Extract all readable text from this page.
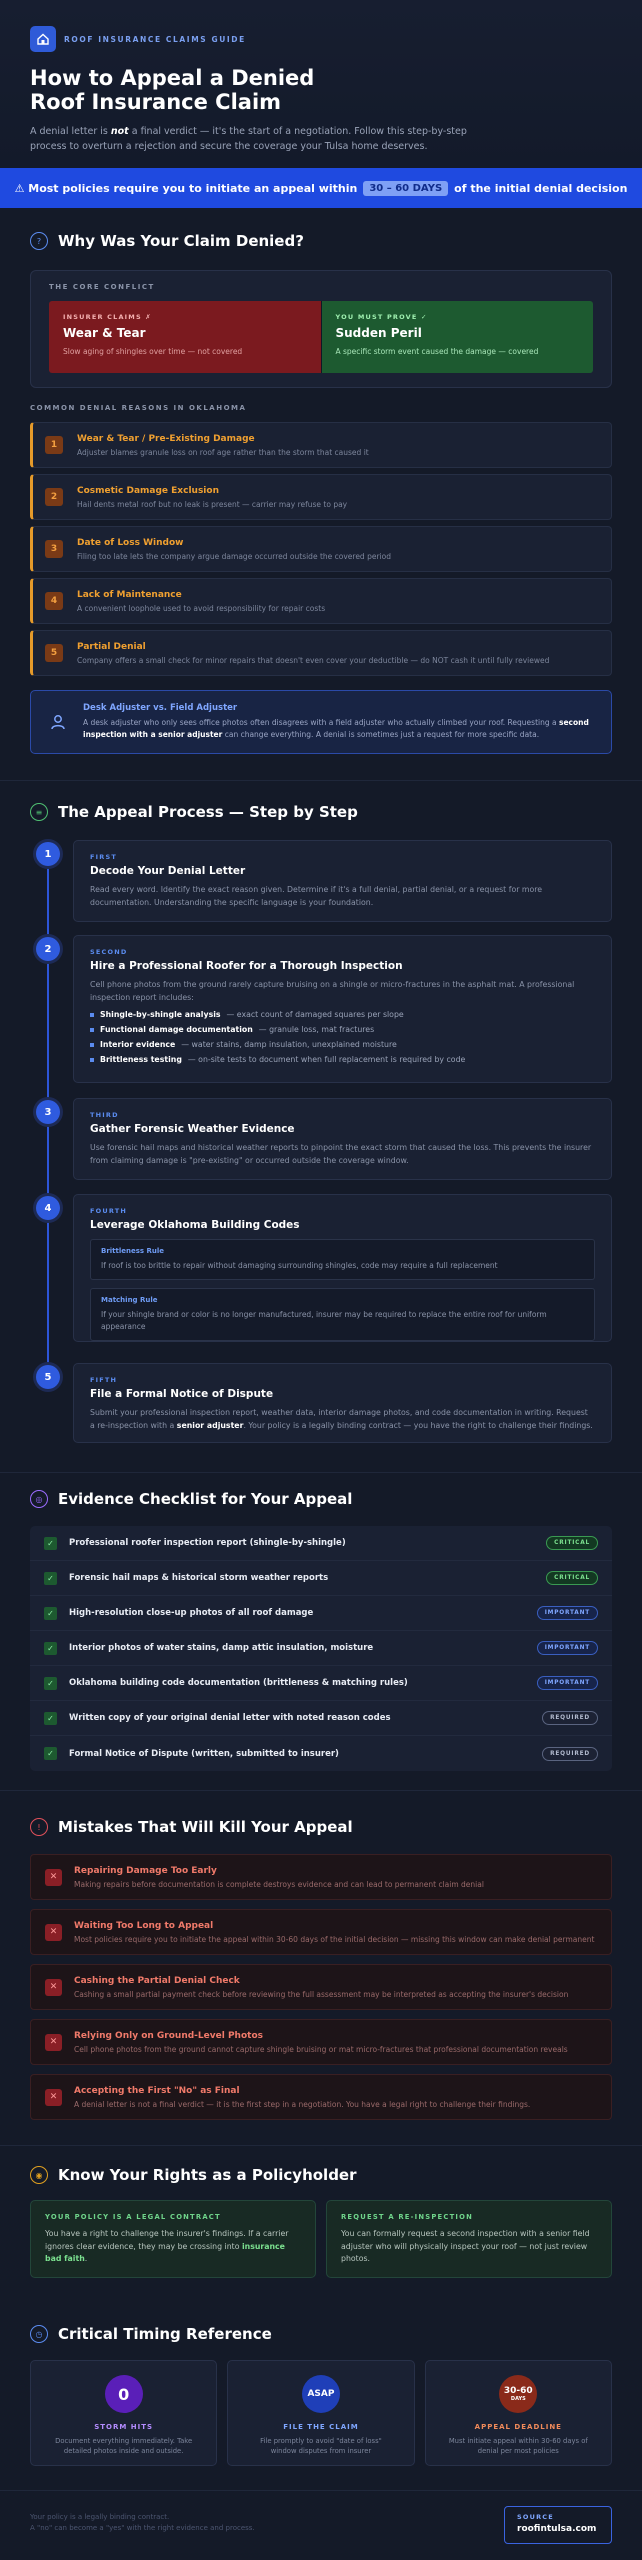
ROOF INSURANCE CLAIMS GUIDE
How to Appeal a Denied Roof Insurance Claim

A denial letter is not a final verdict — it's the start of a negotiation. Follow this step-by-step process to overturn a rejection and secure the coverage your Tulsa home deserves.

⚠ Most policies require you to initiate an appeal within	30 – 60 DAYS	of the initial denial decision
?	Why Was Your Claim Denied?
THE CORE CONFLICT
INSURER CLAIMS ✗
Wear & Tear
Slow aging of shingles over time — not covered
YOU MUST PROVE ✓
Sudden Peril
A specific storm event caused the damage — covered
COMMON DENIAL REASONS IN OKLAHOMA
1
Wear & Tear / Pre-Existing Damage
Adjuster blames granule loss on roof age rather than the storm that caused it
2
Cosmetic Damage Exclusion
Hail dents metal roof but no leak is present — carrier may refuse to pay
3
Date of Loss Window
Filing too late lets the company argue damage occurred outside the covered period
4
Lack of Maintenance
A convenient loophole used to avoid responsibility for repair costs
5
Partial Denial
Company offers a small check for minor repairs that doesn't even cover your deductible — do NOT cash it until fully reviewed
Desk Adjuster vs. Field Adjuster
A desk adjuster who only sees office photos often disagrees with a field adjuster who actually climbed your roof. Requesting a second inspection with a senior adjuster can change everything. A denial is sometimes just a request for more specific data.
≡	The Appeal Process — Step by Step
FIRST
Decode Your Denial Letter
Read every word. Identify the exact reason given. Determine if it's a full denial, partial denial, or a request for more documentation. Understanding the specific language is your foundation.
1
SECOND
Hire a Professional Roofer for a Thorough Inspection
Cell phone photos from the ground rarely capture bruising on a shingle or micro-fractures in the asphalt mat. A professional inspection report includes:
Shingle-by-shingle analysis — exact count of damaged squares per slope
Functional damage documentation — granule loss, mat fractures
Interior evidence — water stains, damp insulation, unexplained moisture
Brittleness testing — on-site tests to document when full replacement is required by code
2
THIRD
Gather Forensic Weather Evidence
Use forensic hail maps and historical weather reports to pinpoint the exact storm that caused the loss. This prevents the insurer from claiming damage is "pre-existing" or occurred outside the coverage window.
3
FOURTH
Leverage Oklahoma Building Codes
Brittleness Rule
If roof is too brittle to repair without damaging surrounding shingles, code may require a full replacement
Matching Rule
If your shingle brand or color is no longer manufactured, insurer may be required to replace the entire roof for uniform appearance
4
FIFTH
File a Formal Notice of Dispute
Submit your professional inspection report, weather data, interior damage photos, and code documentation in writing. Request a re-inspection with a senior adjuster. Your policy is a legally binding contract — you have the right to challenge their findings.
5
◎	Evidence Checklist for Your Appeal
✓	Professional roofer inspection report (shingle-by-shingle)	CRITICAL
✓	Forensic hail maps & historical storm weather reports	CRITICAL
✓	High-resolution close-up photos of all roof damage	IMPORTANT
✓	Interior photos of water stains, damp attic insulation, moisture	IMPORTANT
✓	Oklahoma building code documentation (brittleness & matching rules)	IMPORTANT
✓	Written copy of your original denial letter with noted reason codes	REQUIRED
✓	Formal Notice of Dispute (written, submitted to insurer)	REQUIRED
!	Mistakes That Will Kill Your Appeal
✕
Repairing Damage Too Early
Making repairs before documentation is complete destroys evidence and can lead to permanent claim denial
✕
Waiting Too Long to Appeal
Most policies require you to initiate the appeal within 30-60 days of the initial decision — missing this window can make denial permanent
✕
Cashing the Partial Denial Check
Cashing a small partial payment check before reviewing the full assessment may be interpreted as accepting the insurer's decision
✕
Relying Only on Ground-Level Photos
Cell phone photos from the ground cannot capture shingle bruising or mat micro-fractures that professional documentation reveals
✕
Accepting the First "No" as Final
A denial letter is not a final verdict — it is the first step in a negotiation. You have a legal right to challenge their findings.
◉	Know Your Rights as a Policyholder
YOUR POLICY IS A LEGAL CONTRACT
You have a right to challenge the insurer's findings. If a carrier ignores clear evidence, they may be crossing into insurance bad faith.
REQUEST A RE-INSPECTION
You can formally request a second inspection with a senior field adjuster who will physically inspect your roof — not just review photos.
◷	Critical Timing Reference
0
STORM HITS
Document everything immediately. Take detailed photos inside and outside.
ASAP
FILE THE CLAIM
File promptly to avoid "date of loss" window disputes from insurer
30-60
DAYS
APPEAL DEADLINE
Must initiate appeal within 30-60 days of denial per most policies
Your policy is a legally binding contract.
A "no" can become a "yes" with the right evidence and process.
SOURCE
roofintulsa.com
